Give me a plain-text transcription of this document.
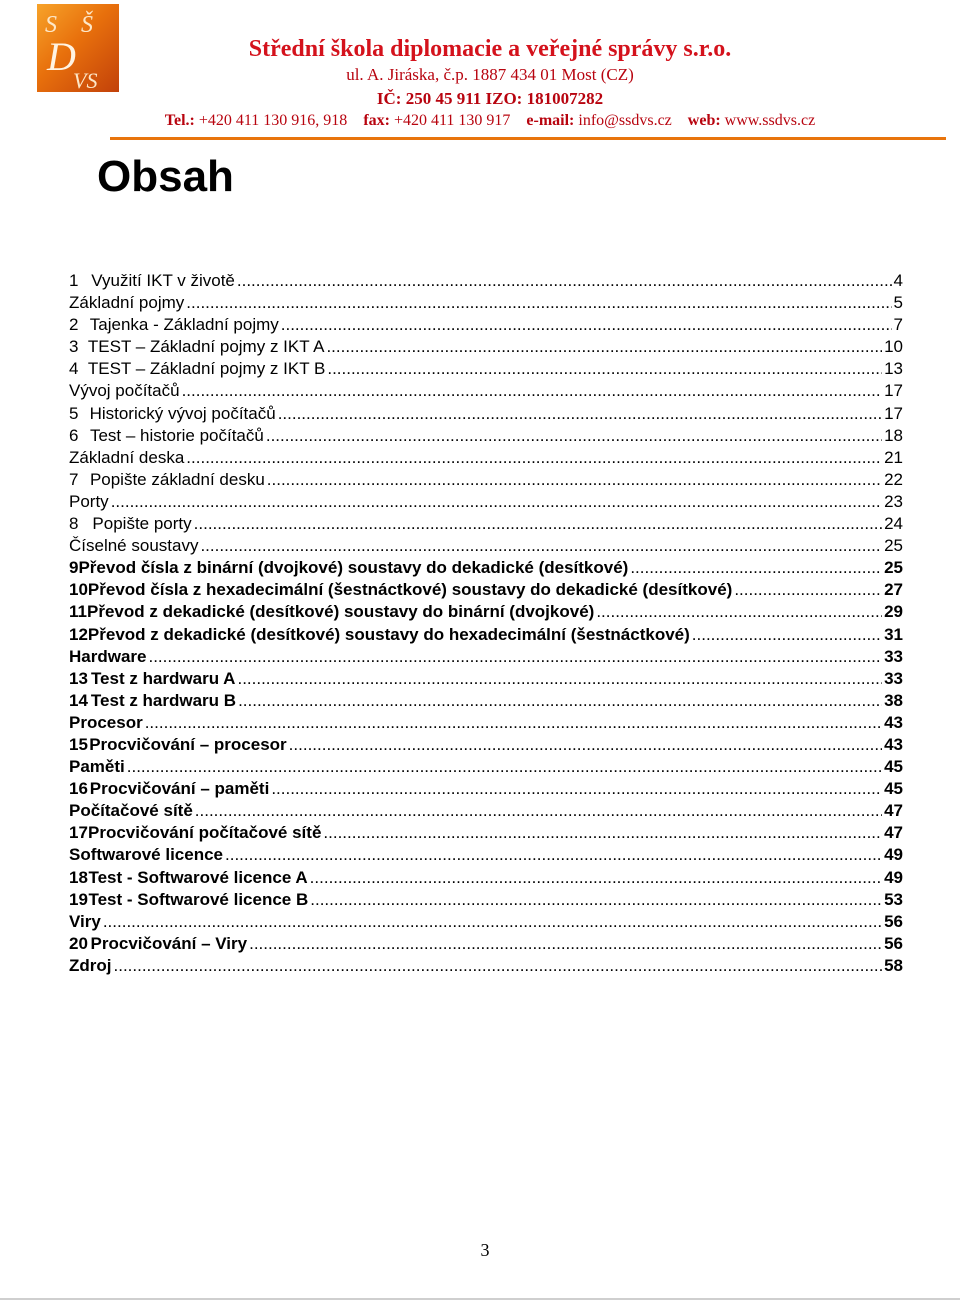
S Š
D
VS
Střední škola diplomacie a veřejné správy s.r.o.
ul. A. Jiráska, č.p. 1887 434 01 Most (CZ)
IČ: 250 45 911 IZO: 181007282
Tel.: +420 411 130 916, 918 fax: +420 411 130 917 e-mail: info@ssdvs.cz web: www.ssdvs.cz
Obsah
1 Využití IKT v životě .....	4
Základní pojmy .....	5
2 Tajenka - Základní pojmy .....	7
3 TEST – Základní pojmy z IKT A .....	10
4 TEST – Základní pojmy z IKT B .....	13
Vývoj počítačů .....	17
5 Historický vývoj počítačů .....	17
6 Test – historie počítačů .....	18
Základní deska .....	21
7 Popište základní desku .....	22
Porty .....	23
8 Popište porty .....	24
Číselné soustavy .....	25
9 Převod čísla z binární (dvojkové) soustavy do dekadické (desítkové) .....	25
10 Převod čísla z hexadecimální (šestnáctkové) soustavy do dekadické (desítkové) .....	27
11 Převod z dekadické (desítkové) soustavy do binární (dvojkové) .....	29
12 Převod z dekadické (desítkové) soustavy do hexadecimální (šestnáctkové) .....	31
Hardware .....	33
13 Test z hardwaru A .....	33
14 Test z hardwaru B .....	38
Procesor .....	43
15 Procvičování – procesor .....	43
Paměti .....	45
16 Procvičování – paměti .....	45
Počítačové sítě .....	47
17 Procvičování počítačové sítě .....	47
Softwarové licence .....	49
18 Test - Softwarové licence A .....	49
19 Test - Softwarové licence B .....	53
Viry .....	56
20 Procvičování – Viry .....	56
Zdroj .....	58
3
